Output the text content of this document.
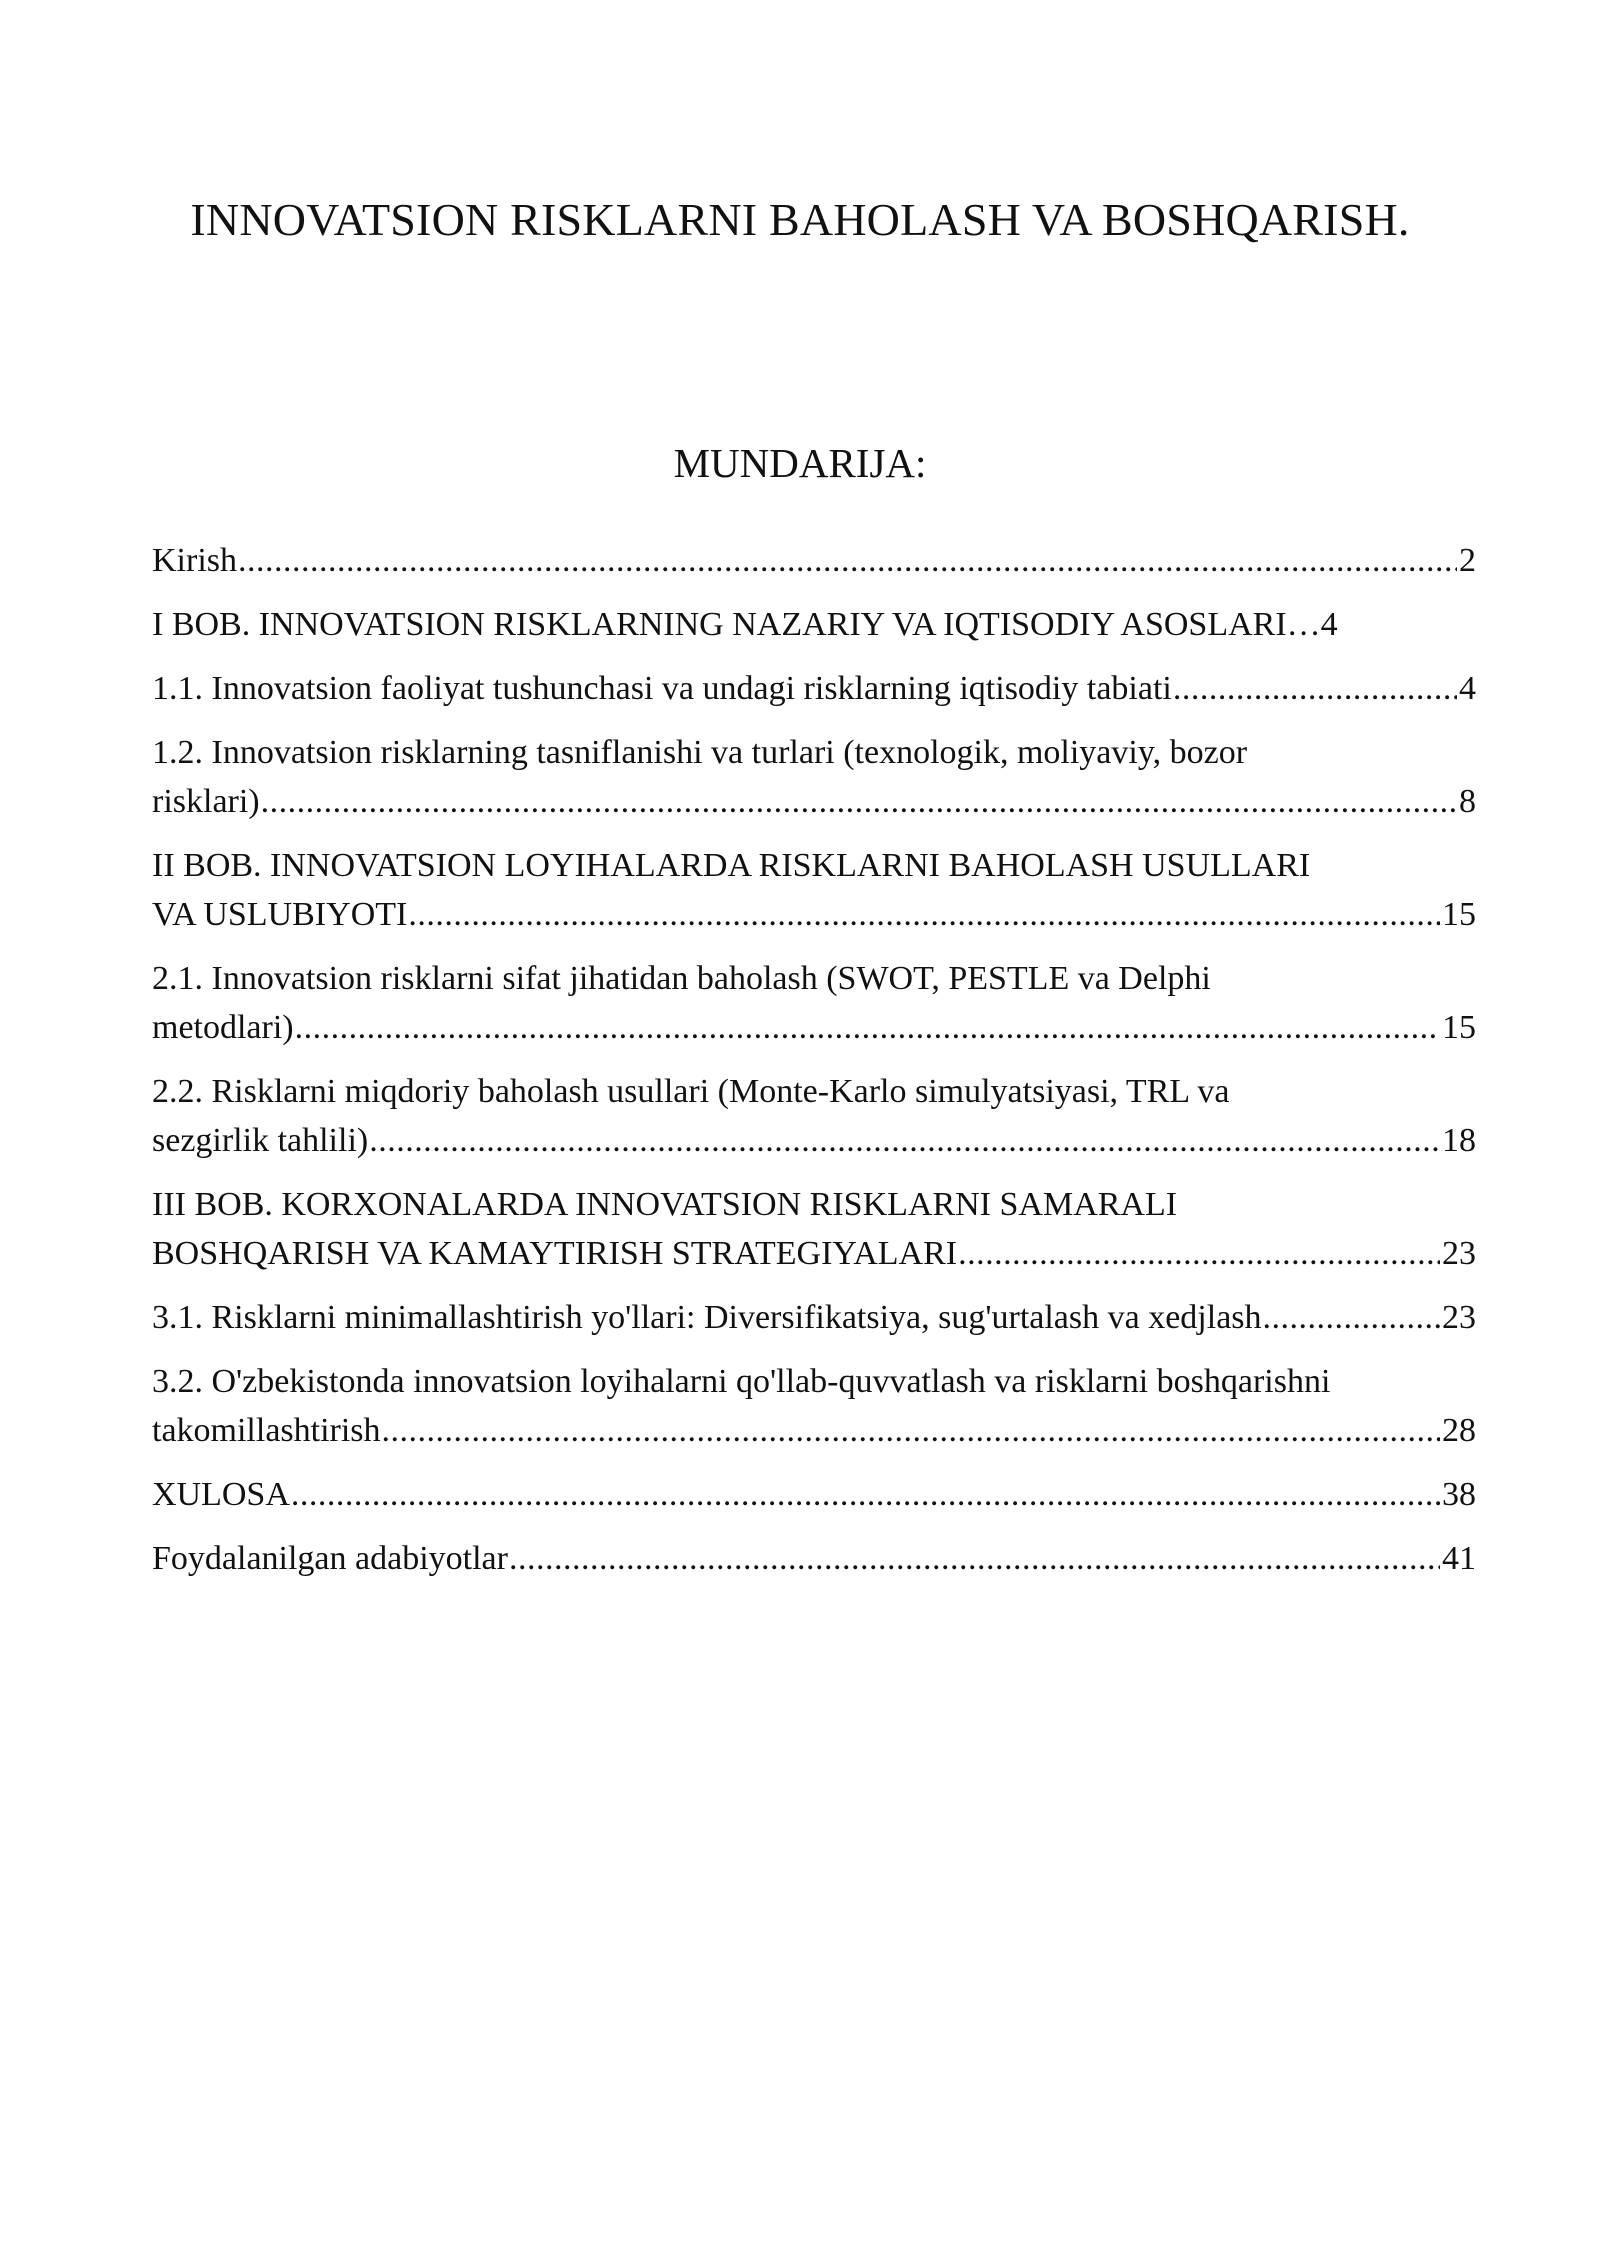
INNOVATSION RISKLARNI BAHOLASH VA BOSHQARISH.
MUNDARIJA:
Kirish .....	2
I BOB. INNOVATSION RISKLARNING NAZARIY VA IQTISODIY ASOSLARI… 4
1.1. Innovatsion faoliyat tushunchasi va undagi risklarning iqtisodiy tabiati .....	4
1.2. Innovatsion risklarning tasniflanishi va turlari (texnologik, moliyaviy, bozor
risklari) .....	8
II BOB. INNOVATSION LOYIHALARDA RISKLARNI BAHOLASH USULLARI
VA USLUBIYOTI .....	15
2.1. Innovatsion risklarni sifat jihatidan baholash (SWOT, PESTLE va Delphi
metodlari) .....	15
2.2. Risklarni miqdoriy baholash usullari (Monte-Karlo simulyatsiyasi, TRL va
sezgirlik tahlili) .....	18
III BOB. KORXONALARDA INNOVATSION RISKLARNI SAMARALI
BOSHQARISH VA KAMAYTIRISH STRATEGIYALARI .....	23
3.1. Risklarni minimallashtirish yo'llari: Diversifikatsiya, sug'urtalash va xedjlash .....	23
3.2. O'zbekistonda innovatsion loyihalarni qo'llab-quvvatlash va risklarni boshqarishni
takomillashtirish .....	28
XULOSA .....	38
Foydalanilgan adabiyotlar .....	41
